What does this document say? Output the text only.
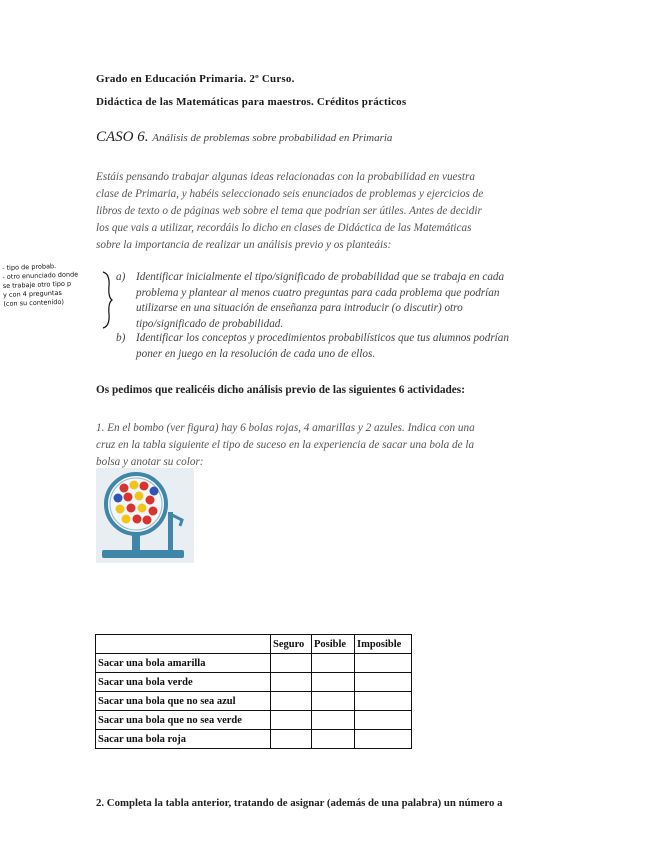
Grado en Educación Primaria. 2º Curso.
Didáctica de las Matemáticas para maestros. Créditos prácticos
CASO 6. Análisis de problemas sobre probabilidad en Primaria
Estáis pensando trabajar algunas ideas relacionadas con la probabilidad en vuestra
clase de Primaria, y habéis seleccionado seis enunciados de problemas y ejercicios de
libros de texto o de páginas web sobre el tema que podrían ser útiles. Antes de decidir
los que vais a utilizar, recordáis lo dicho en clases de Didáctica de las Matemáticas
sobre la importancia de realizar un análisis previo y os planteáis:
- tipo de probab.
- otro enunciado donde
se trabaje otro tipo p
y con 4 preguntas
(con su contenido)
a) Identificar inicialmente el tipo/significado de probabilidad que se trabaja en cada
problema y plantear al menos cuatro preguntas para cada problema que podrían
utilizarse en una situación de enseñanza para introducir (o discutir) otro
tipo/significado de probabilidad.
b) Identificar los conceptos y procedimientos probabilísticos que tus alumnos podrían
poner en juego en la resolución de cada uno de ellos.
Os pedimos que realicéis dicho análisis previo de las siguientes 6 actividades:
1. En el bombo (ver figura) hay 6 bolas rojas, 4 amarillas y 2 azules. Indica con una
cruz en la tabla siguiente el tipo de suceso en la experiencia de sacar una bola de la
bolsa y anotar su color:
	Seguro	Posible	Imposible
Sacar una bola amarilla			
Sacar una bola verde			
Sacar una bola que no sea azul			
Sacar una bola que no sea verde			
Sacar una bola roja			
2. Completa la tabla anterior, tratando de asignar (además de una palabra) un número a
